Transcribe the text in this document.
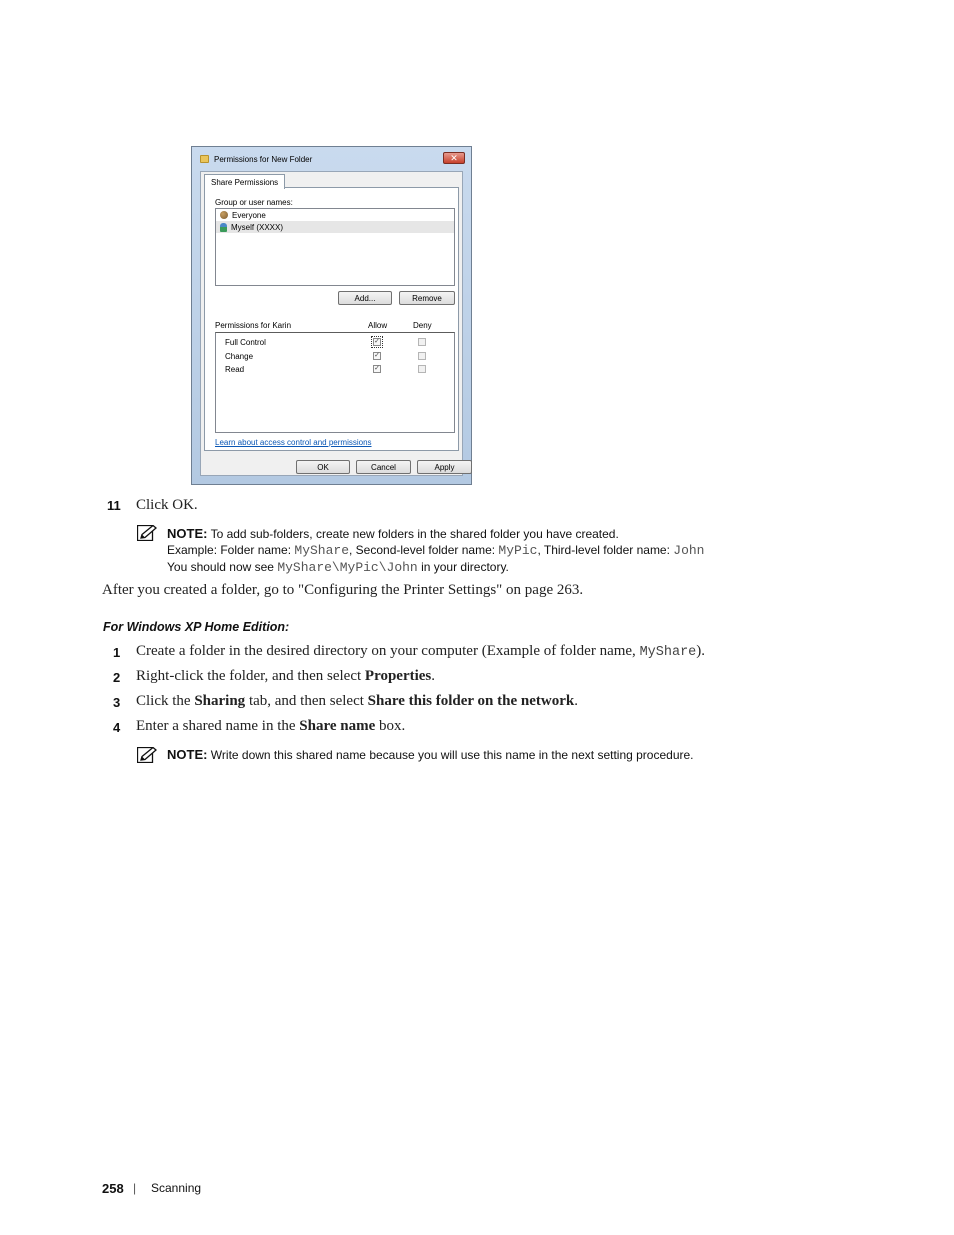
Permissions for New Folder	✕
Share Permissions
Group or user names:
Everyone
Myself (XXXX)
Add...	Remove
Permissions for Karin	Allow	Deny
Full Control	✓
Change	✓
Read	✓
Learn about access control and permissions
OK	Cancel	Apply
11 Click OK.
NOTE: To add sub-folders, create new folders in the shared folder you have created.
Example: Folder name: MyShare, Second-level folder name: MyPic, Third-level folder name: John
You should now see MyShare\MyPic\John in your directory.
After you created a folder, go to "Configuring the Printer Settings" on page 263.
For Windows XP Home Edition:
1 Create a folder in the desired directory on your computer (Example of folder name, MyShare).
2 Right-click the folder, and then select Properties.
3 Click the Sharing tab, and then select Share this folder on the network.
4 Enter a shared name in the Share name box.
NOTE: Write down this shared name because you will use this name in the next setting procedure.
258 | Scanning
